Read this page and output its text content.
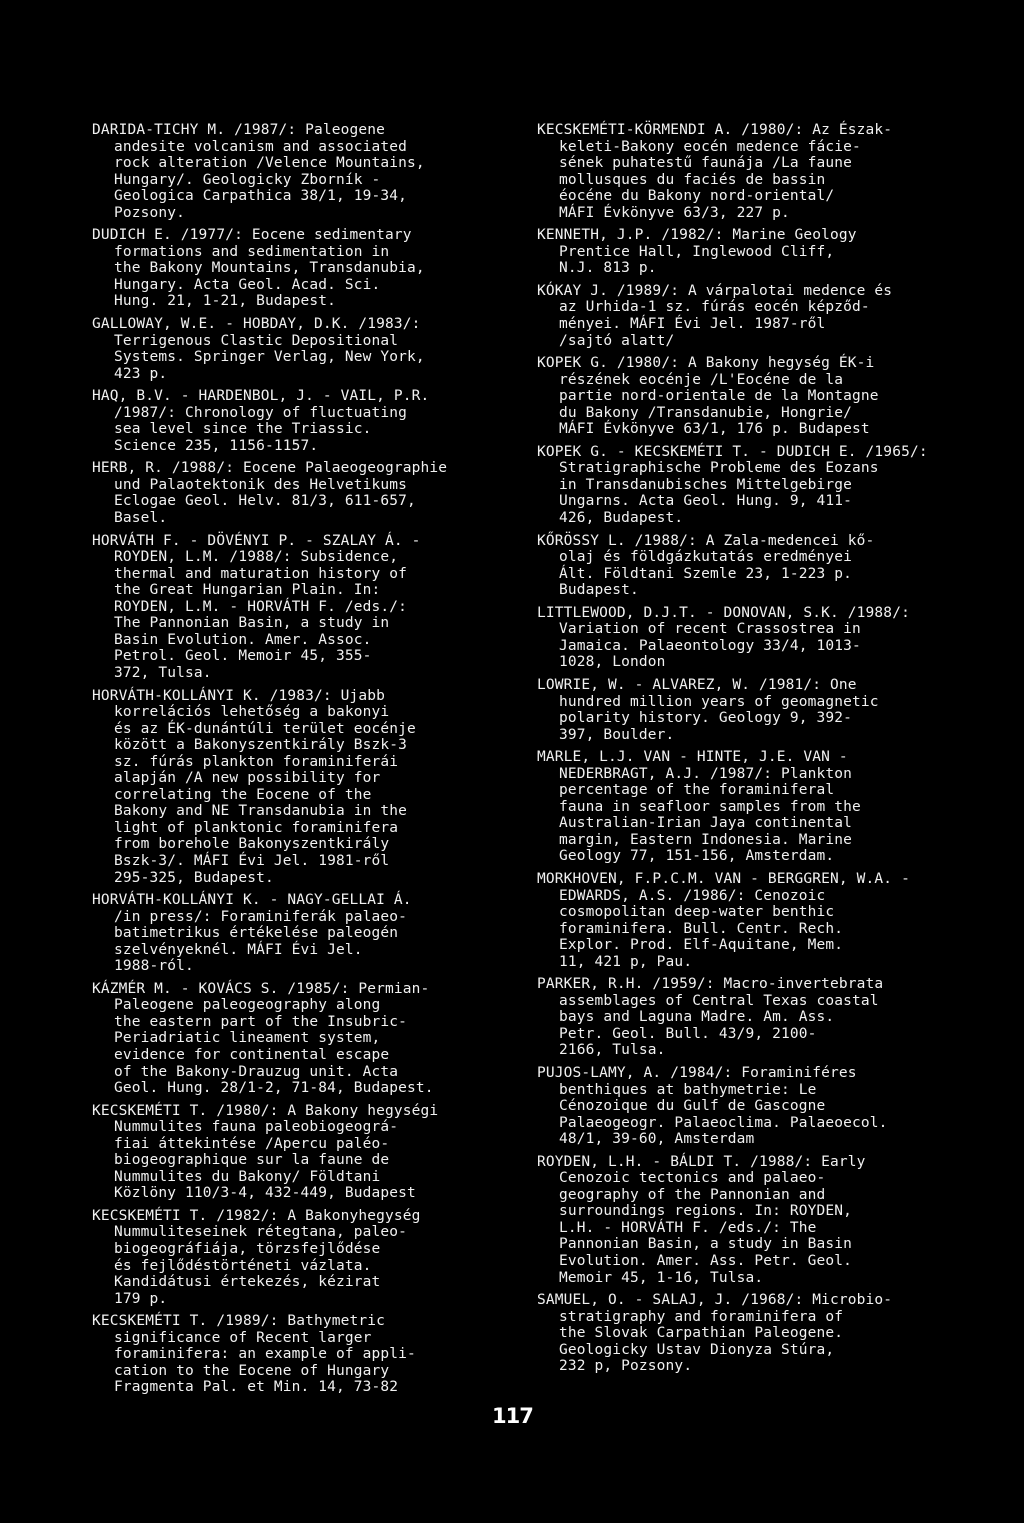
DARIDA-TICHY M. /1987/: Paleogene
andesite volcanism and associated
rock alteration /Velence Mountains,
Hungary/. Geologicky Zborník -
Geologica Carpathica 38/1, 19-34,
Pozsony.
DUDICH E. /1977/: Eocene sedimentary
formations and sedimentation in
the Bakony Mountains, Transdanubia,
Hungary. Acta Geol. Acad. Sci.
Hung. 21, 1-21, Budapest.
GALLOWAY, W.E. - HOBDAY, D.K. /1983/:
Terrigenous Clastic Depositional
Systems. Springer Verlag, New York,
423 p.
HAQ, B.V. - HARDENBOL, J. - VAIL, P.R.
/1987/: Chronology of fluctuating
sea level since the Triassic.
Science 235, 1156-1157.
HERB, R. /1988/: Eocene Palaeogeographie
und Palaotektonik des Helvetikums
Eclogae Geol. Helv. 81/3, 611-657,
Basel.
HORVÁTH F. - DÖVÉNYI P. - SZALAY Á. -
ROYDEN, L.M. /1988/: Subsidence,
thermal and maturation history of
the Great Hungarian Plain. In:
ROYDEN, L.M. - HORVÁTH F. /eds./:
The Pannonian Basin, a study in
Basin Evolution. Amer. Assoc.
Petrol. Geol. Memoir 45, 355-
372, Tulsa.
HORVÁTH-KOLLÁNYI K. /1983/: Ujabb
korrelációs lehetőség a bakonyi
és az ÉK-dunántúli terület eocénje
között a Bakonyszentkirály Bszk-3
sz. fúrás plankton foraminiferái
alapján /A new possibility for
correlating the Eocene of the
Bakony and NE Transdanubia in the
light of planktonic foraminifera
from borehole Bakonyszentkirály
Bszk-3/. MÁFI Évi Jel. 1981-ről
295-325, Budapest.
HORVÁTH-KOLLÁNYI K. - NAGY-GELLAI Á.
/in press/: Foraminiferák palaeo-
batimetrikus értékelése paleogén
szelvényeknél. MÁFI Évi Jel.
1988-ról.
KÁZMÉR M. - KOVÁCS S. /1985/: Permian-
Paleogene paleogeography along
the eastern part of the Insubric-
Periadriatic lineament system,
evidence for continental escape
of the Bakony-Drauzug unit. Acta
Geol. Hung. 28/1-2, 71-84, Budapest.
KECSKEMÉTI T. /1980/: A Bakony hegységi
Nummulites fauna paleobiogeográ-
fiai áttekintése /Apercu paléo-
biogeographique sur la faune de
Nummulites du Bakony/ Földtani
Közlöny 110/3-4, 432-449, Budapest
KECSKEMÉTI T. /1982/: A Bakonyhegység
Nummuliteseinek rétegtana, paleo-
biogeográfiája, törzsfejlődése
és fejlődéstörténeti vázlata.
Kandidátusi értekezés, kézirat
179 p.
KECSKEMÉTI T. /1989/: Bathymetric
significance of Recent larger
foraminifera: an example of appli-
cation to the Eocene of Hungary
Fragmenta Pal. et Min. 14, 73-82
KECSKEMÉTI-KÖRMENDI A. /1980/: Az Észak-
keleti-Bakony eocén medence fácie-
sének puhatestű faunája /La faune
mollusques du faciés de bassin
éocéne du Bakony nord-oriental/
MÁFI Évkönyve 63/3, 227 p.
KENNETH, J.P. /1982/: Marine Geology
Prentice Hall, Inglewood Cliff,
N.J. 813 p.
KÓKAY J. /1989/: A várpalotai medence és
az Urhida-1 sz. fúrás eocén képződ-
ményei. MÁFI Évi Jel. 1987-ről
/sajtó alatt/
KOPEK G. /1980/: A Bakony hegység ÉK-i
részének eocénje /L'Eocéne de la
partie nord-orientale de la Montagne
du Bakony /Transdanubie, Hongrie/
MÁFI Évkönyve 63/1, 176 p. Budapest
KOPEK G. - KECSKEMÉTI T. - DUDICH E. /1965/:
Stratigraphische Probleme des Eozans
in Transdanubisches Mittelgebirge
Ungarns. Acta Geol. Hung. 9, 411-
426, Budapest.
KŐRÖSSY L. /1988/: A Zala-medencei kő-
olaj és földgázkutatás eredményei
Ált. Földtani Szemle 23, 1-223 p.
Budapest.
LITTLEWOOD, D.J.T. - DONOVAN, S.K. /1988/:
Variation of recent Crassostrea in
Jamaica. Palaeontology 33/4, 1013-
1028, London
LOWRIE, W. - ALVAREZ, W. /1981/: One
hundred million years of geomagnetic
polarity history. Geology 9, 392-
397, Boulder.
MARLE, L.J. VAN - HINTE, J.E. VAN -
NEDERBRAGT, A.J. /1987/: Plankton
percentage of the foraminiferal
fauna in seafloor samples from the
Australian-Irian Jaya continental
margin, Eastern Indonesia. Marine
Geology 77, 151-156, Amsterdam.
MORKHOVEN, F.P.C.M. VAN - BERGGREN, W.A. -
EDWARDS, A.S. /1986/: Cenozoic
cosmopolitan deep-water benthic
foraminifera. Bull. Centr. Rech.
Explor. Prod. Elf-Aquitane, Mem.
11, 421 p, Pau.
PARKER, R.H. /1959/: Macro-invertebrata
assemblages of Central Texas coastal
bays and Laguna Madre. Am. Ass.
Petr. Geol. Bull. 43/9, 2100-
2166, Tulsa.
PUJOS-LAMY, A. /1984/: Foraminiféres
benthiques at bathymetrie: Le
Cénozoique du Gulf de Gascogne
Palaeogeogr. Palaeoclima. Palaeoecol.
48/1, 39-60, Amsterdam
ROYDEN, L.H. - BÁLDI T. /1988/: Early
Cenozoic tectonics and palaeo-
geography of the Pannonian and
surroundings regions. In: ROYDEN,
L.H. - HORVÁTH F. /eds./: The
Pannonian Basin, a study in Basin
Evolution. Amer. Ass. Petr. Geol.
Memoir 45, 1-16, Tulsa.
SAMUEL, O. - SALAJ, J. /1968/: Microbio-
stratigraphy and foraminifera of
the Slovak Carpathian Paleogene.
Geologicky Ustav Dionyza Stúra,
232 p, Pozsony.
117
